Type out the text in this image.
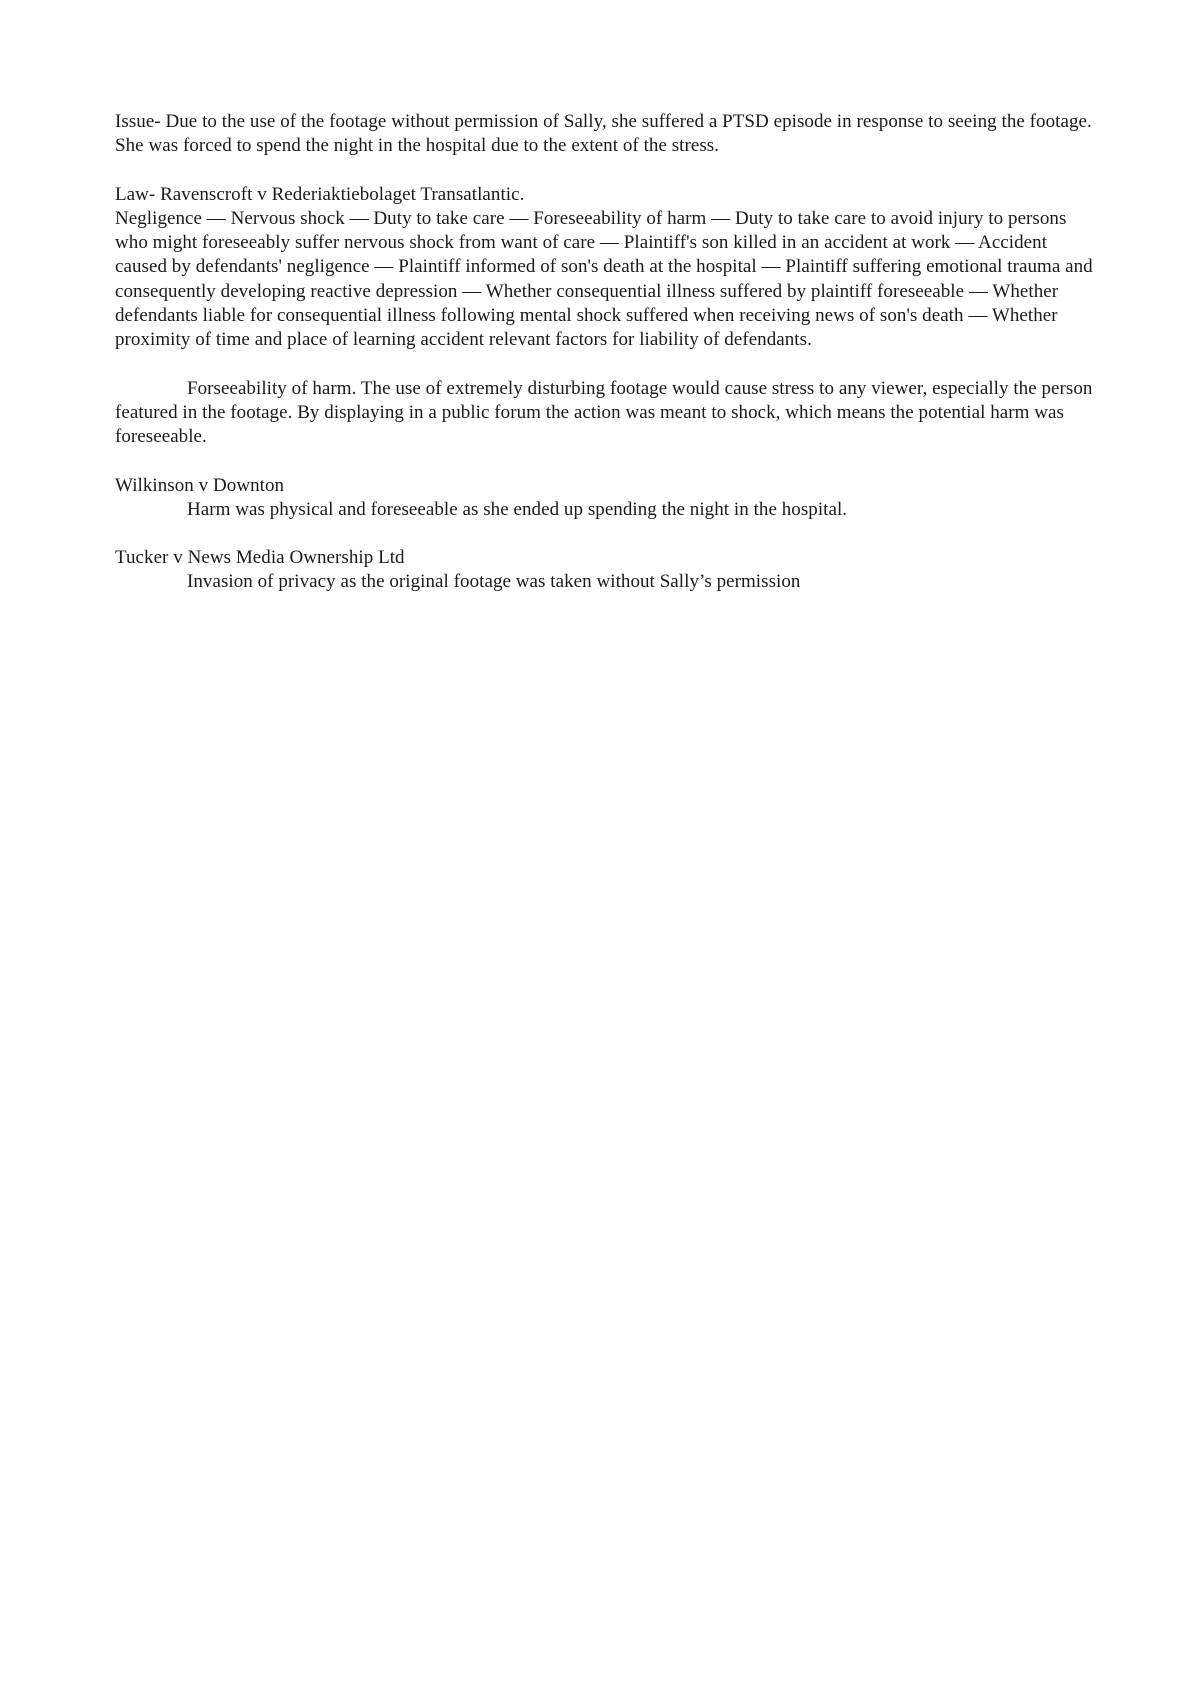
Issue- Due to the use of the footage without permission of Sally, she suffered a PTSD episode in response to seeing the footage. She was forced to spend the night in the hospital due to the extent of the stress.

Law- Ravenscroft v Rederiaktiebolaget Transatlantic.

Negligence — Nervous shock — Duty to take care — Foreseeability of harm — Duty to take care to avoid injury to persons who might foreseeably suffer nervous shock from want of care — Plaintiff's son killed in an accident at work — Accident caused by defendants' negligence — Plaintiff informed of son's death at the hospital — Plaintiff suffering emotional trauma and consequently developing reactive depression — Whether consequential illness suffered by plaintiff foreseeable — Whether defendants liable for consequential illness following mental shock suffered when receiving news of son's death — Whether proximity of time and place of learning accident relevant factors for liability of defendants.

Forseeability of harm. The use of extremely disturbing footage would cause stress to any viewer, especially the person featured in the footage. By displaying in a public forum the action was meant to shock, which means the potential harm was foreseeable.

Wilkinson v Downton

Harm was physical and foreseeable as she ended up spending the night in the hospital.

Tucker v News Media Ownership Ltd

Invasion of privacy as the original footage was taken without Sally’s permission
